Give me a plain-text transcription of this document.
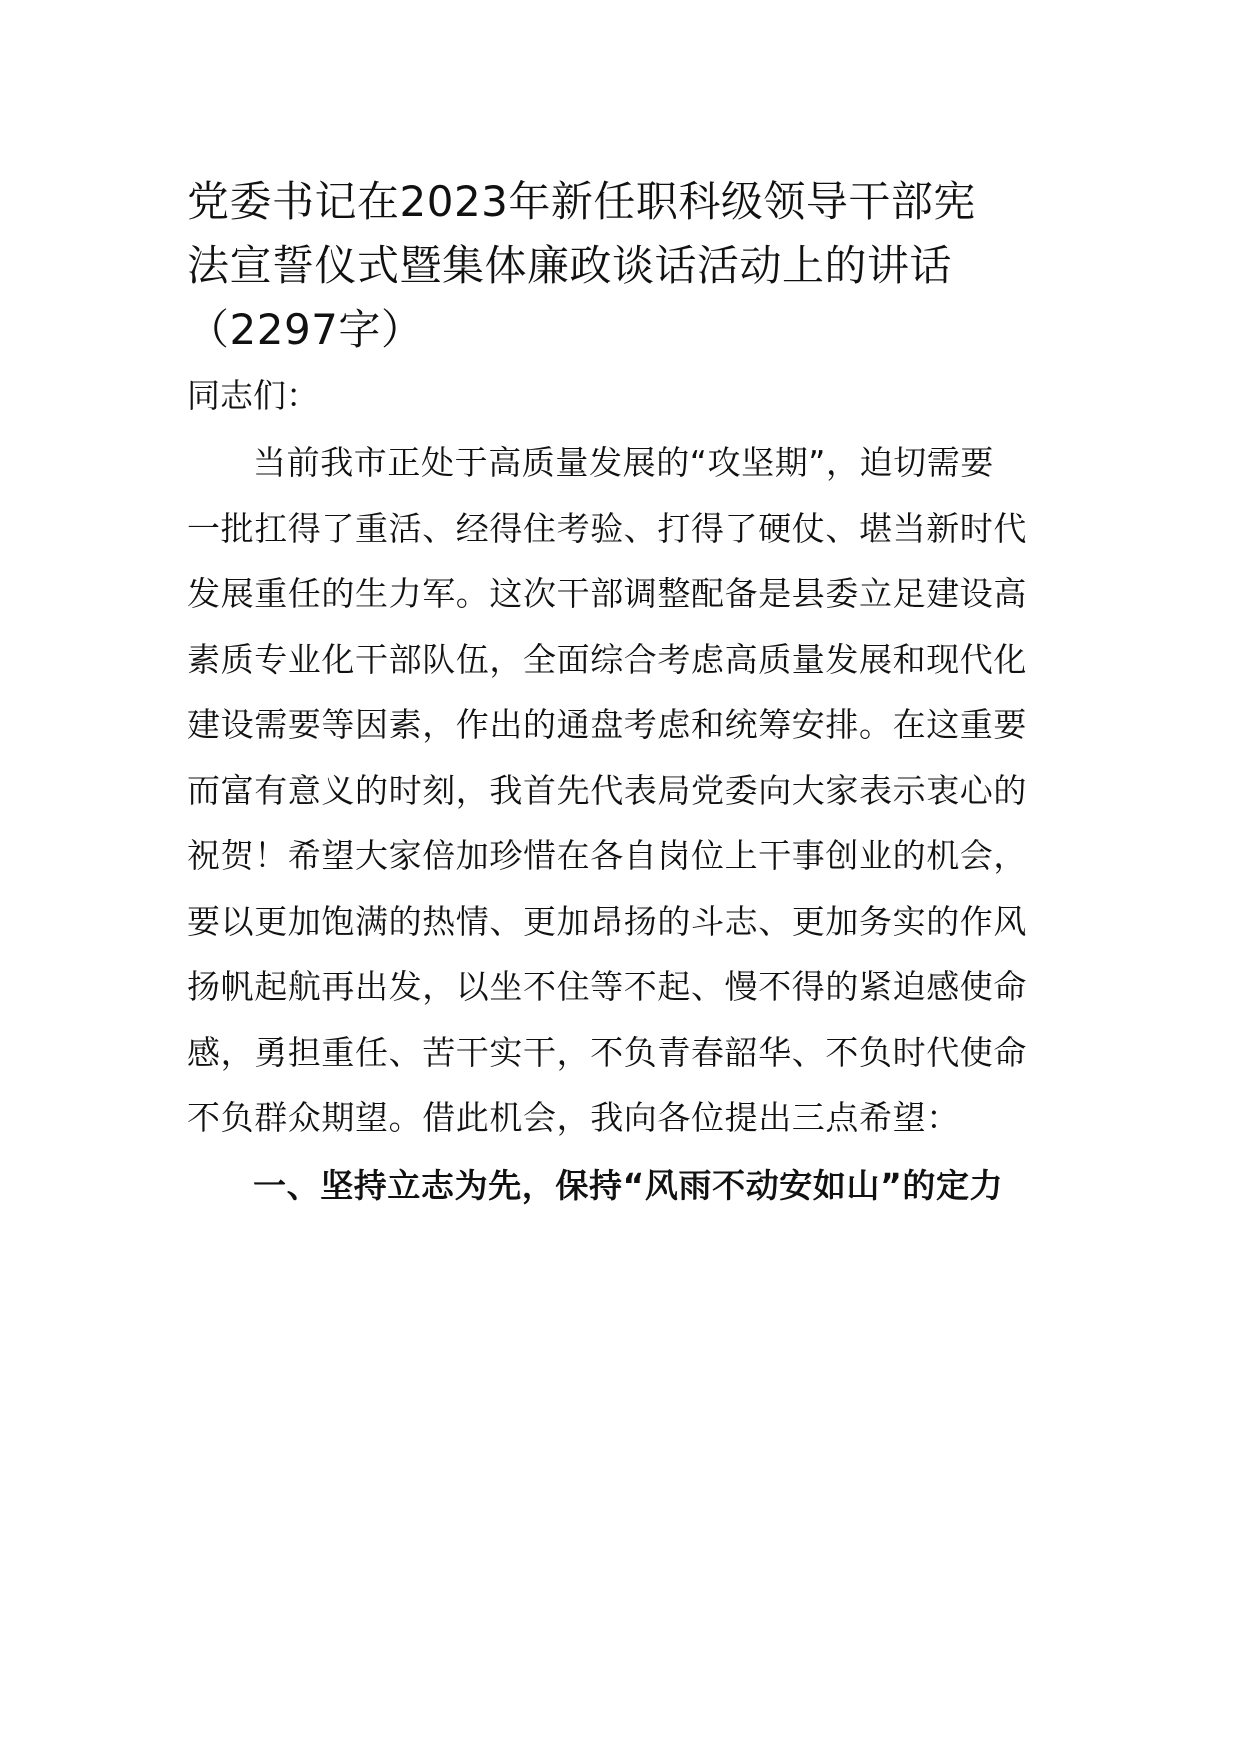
党委书记在2023年新任职科级领导干部宪
法宣誓仪式暨集体廉政谈话活动上的讲话
（2297字）
同志们：
当前我市正处于高质量发展的“攻坚期”，迫切需要
一批扛得了重活、经得住考验、打得了硬仗、堪当新时代
发展重任的生力军。这次干部调整配备是县委立足建设高
素质专业化干部队伍，全面综合考虑高质量发展和现代化
建设需要等因素，作出的通盘考虑和统筹安排。在这重要
而富有意义的时刻，我首先代表局党委向大家表示衷心的
祝贺！希望大家倍加珍惜在各自岗位上干事创业的机会，
要以更加饱满的热情、更加昂扬的斗志、更加务实的作风
扬帆起航再出发，以坐不住等不起、慢不得的紧迫感使命
感，勇担重任、苦干实干，不负青春韶华、不负时代使命
不负群众期望。借此机会，我向各位提出三点希望：
一、坚持立志为先，保持“风雨不动安如山”的定力
